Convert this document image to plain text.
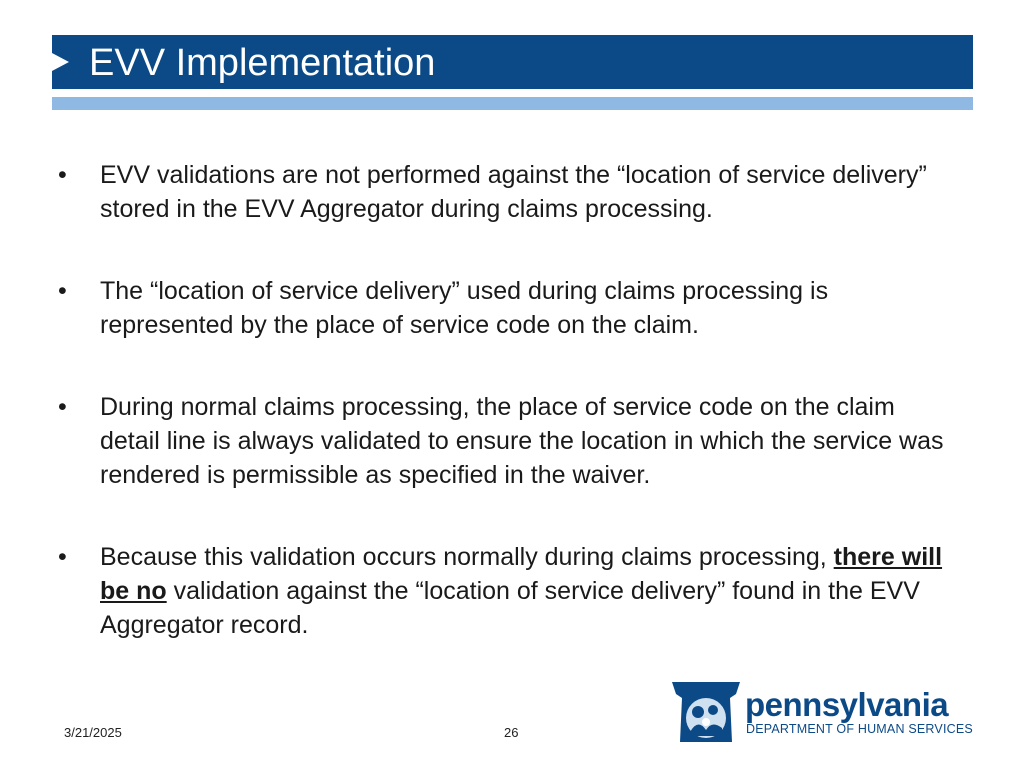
EVV Implementation
• EVV validations are not performed against the “location of service delivery” stored in the EVV Aggregator during claims processing.
• The “location of service delivery” used during claims processing is represented by the place of service code on the claim.
• During normal claims processing, the place of service code on the claim detail line is always validated to ensure the location in which the service was rendered is permissible as specified in the waiver.
• Because this validation occurs normally during claims processing, there will be no validation against the “location of service delivery” found in the EVV Aggregator record.
3/21/2025	26
pennsylvania
DEPARTMENT OF HUMAN SERVICES
